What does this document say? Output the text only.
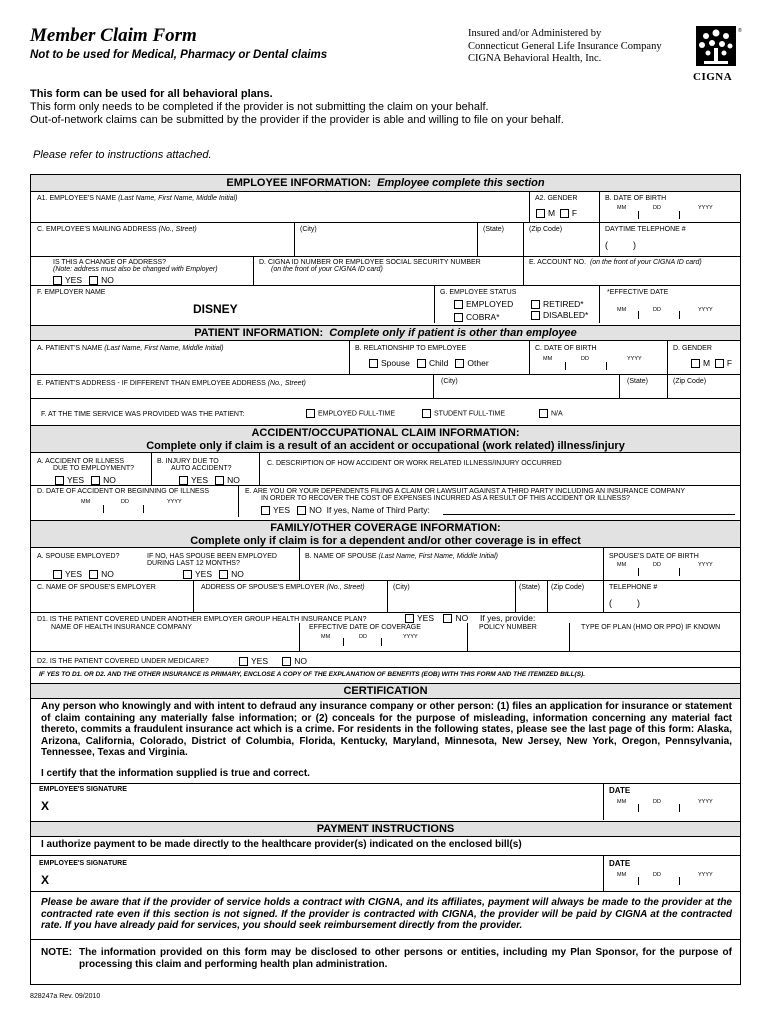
Member Claim Form
Not to be used for Medical, Pharmacy or Dental claims
Insured and/or Administered by
Connecticut General Life Insurance Company
CIGNA Behavioral Health, Inc.
®
CIGNA
This form can be used for all behavioral plans.
This form only needs to be completed if the provider is not submitting the claim on your behalf.
Out-of-network claims can be submitted by the provider if the provider is able and willing to file on your behalf.
Please refer to instructions attached.
EMPLOYEE INFORMATION: Employee complete this section
A1. EMPLOYEE'S NAME (Last Name, First Name, Middle Initial)	A2. GENDER
M F
B. DATE OF BIRTH
MM	DD	YYYY
C. EMPLOYEE'S MAILING ADDRESS (No., Street)	(City)	(State)	(Zip Code)	DAYTIME TELEPHONE #
(          )
IS THIS A CHANGE OF ADDRESS?
(Note: address must also be changed with Employer)
YES NO
D. CIGNA ID NUMBER OR EMPLOYEE SOCIAL SECURITY NUMBER
(on the front of your CIGNA ID card)
E. ACCOUNT NO. (on the front of your CIGNA ID card)
F. EMPLOYER NAME
DISNEY
G. EMPLOYEE STATUS
EMPLOYED	RETIRED*
COBRA*	DISABLED*
*EFFECTIVE DATE
MM	DD	YYYY
PATIENT INFORMATION: Complete only if patient is other than employee
A. PATIENT'S NAME (Last Name, First Name, Middle Initial)	B. RELATIONSHIP TO EMPLOYEE
Spouse Child Other
C. DATE OF BIRTH
MM	DD	YYYY
D. GENDER
M F
E. PATIENT'S ADDRESS - IF DIFFERENT THAN EMPLOYEE ADDRESS (No., Street)	(City)	(State)	(Zip Code)
F. AT THE TIME SERVICE WAS PROVIDED WAS THE PATIENT:	EMPLOYED FULL-TIME	STUDENT FULL-TIME	N/A
ACCIDENT/OCCUPATIONAL CLAIM INFORMATION:
Complete only if claim is a result of an accident or occupational (work related) illness/injury
A. ACCIDENT OR ILLNESS
DUE TO EMPLOYMENT?
YES NO
B. INJURY DUE TO
AUTO ACCIDENT?
YES NO
C. DESCRIPTION OF HOW ACCIDENT OR WORK RELATED ILLNESS/INJURY OCCURRED
D. DATE OF ACCIDENT OR BEGINNING OF ILLNESS
MM	DD	YYYY
E. ARE YOU OR YOUR DEPENDENTS FILING A CLAIM OR LAWSUIT AGAINST A THIRD PARTY INCLUDING AN INSURANCE COMPANY
IN ORDER TO RECOVER THE COST OF EXPENSES INCURRED AS A RESULT OF THIS ACCIDENT OR ILLNESS?
YES NO If yes, Name of Third Party:
FAMILY/OTHER COVERAGE INFORMATION:
Complete only if claim is for a dependent and/or other coverage is in effect
A. SPOUSE EMPLOYED?
YES NO
IF NO, HAS SPOUSE BEEN EMPLOYED
DURING LAST 12 MONTHS?
YES NO
B. NAME OF SPOUSE (Last Name, First Name, Middle Initial)	SPOUSE'S DATE OF BIRTH
MM	DD	YYYY
C. NAME OF SPOUSE'S EMPLOYER	ADDRESS OF SPOUSE'S EMPLOYER (No., Street)	(City)	(State) (Zip Code)	TELEPHONE #
(          )
D1. IS THE PATIENT COVERED UNDER ANOTHER EMPLOYER GROUP HEALTH INSURANCE PLAN?	YES	NO If yes, provide:
NAME OF HEALTH INSURANCE COMPANY	EFFECTIVE DATE OF COVERAGE
MM	DD	YYYY
POLICY NUMBER	TYPE OF PLAN (HMO OR PPO) IF KNOWN
D2. IS THE PATIENT COVERED UNDER MEDICARE?	YES	NO
IF YES TO D1. OR D2. AND THE OTHER INSURANCE IS PRIMARY, ENCLOSE A COPY OF THE EXPLANATION OF BENEFITS (EOB) WITH THIS FORM AND THE ITEMIZED BILL(S).
CERTIFICATION
Any person who knowingly and with intent to defraud any insurance company or other person: (1) files an application for insurance or statement of claim containing any materially false information; or (2) conceals for the purpose of misleading, information concerning any material fact thereto, commits a fraudulent insurance act which is a crime. For residents in the following states, please see the last page of this form: Alaska, Arizona, California, Colorado, District of Columbia, Florida, Kentucky, Maryland, Minnesota, New Jersey, New York, Oregon, Pennsylvania, Tennessee, Texas and Virginia.
I certify that the information supplied is true and correct.
EMPLOYEE'S SIGNATURE
X
DATE
MM	DD	YYYY
PAYMENT INSTRUCTIONS
I authorize payment to be made directly to the healthcare provider(s) indicated on the enclosed bill(s)
EMPLOYEE'S SIGNATURE
X
DATE
MM	DD	YYYY
Please be aware that if the provider of service holds a contract with CIGNA, and its affiliates, payment will always be made to the provider at the contracted rate even if this section is not signed. If the provider is contracted with CIGNA, the provider will be paid by CIGNA at the contracted rate. If you have already paid for services, you should seek reimbursement directly from the provider.
NOTE: The information provided on this form may be disclosed to other persons or entities, including my Plan Sponsor, for the purpose of processing this claim and performing health plan administration.
828247a Rev. 09/2010
